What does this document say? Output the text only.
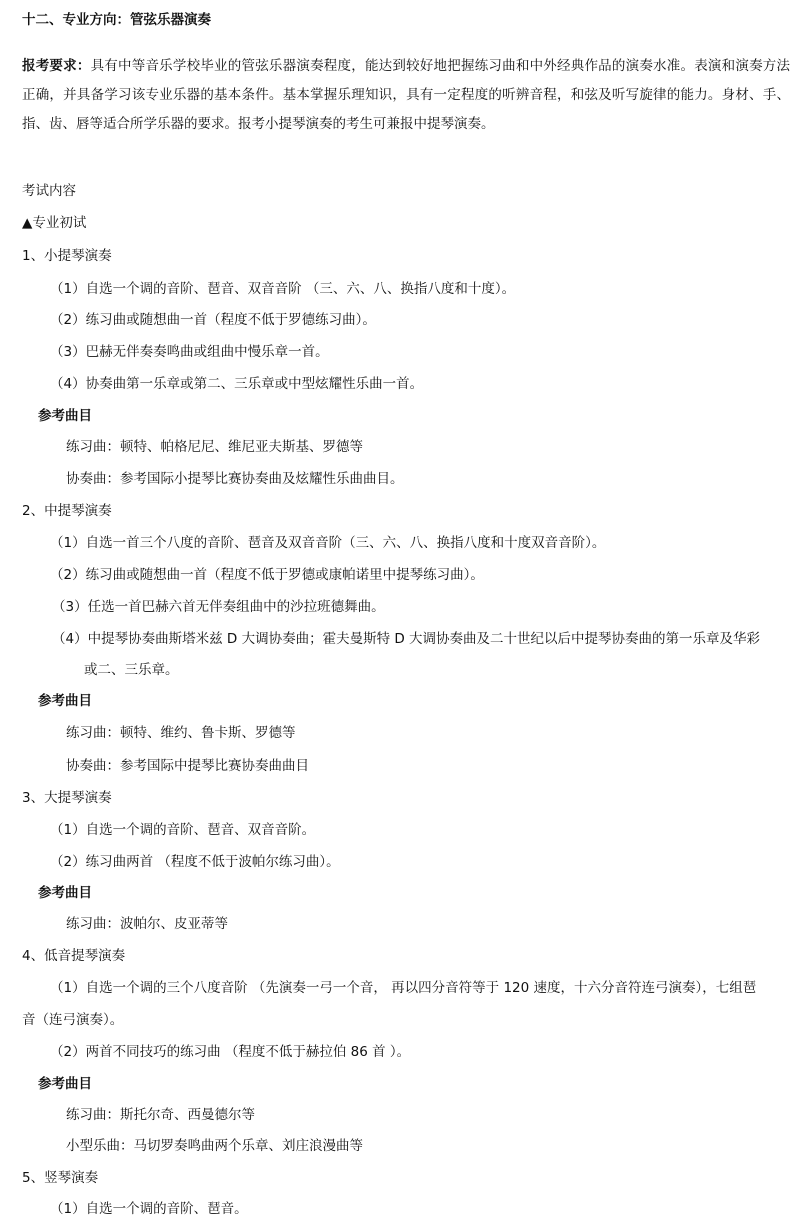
十二、专业方向：管弦乐器演奏
报考要求：具有中等音乐学校毕业的管弦乐器演奏程度，能达到较好地把握练习曲和中外经典作品的演奏水准。表演和演奏方法正确，并具备学习该专业乐器的基本条件。基本掌握乐理知识，具有一定程度的听辨音程，和弦及听写旋律的能力。身材、手、指、齿、唇等适合所学乐器的要求。报考小提琴演奏的考生可兼报中提琴演奏。
考试内容
▲专业初试
1、小提琴演奏
（1）自选一个调的音阶、琶音、双音音阶 （三、六、八、换指八度和十度）。
（2）练习曲或随想曲一首（程度不低于罗德练习曲）。
（3）巴赫无伴奏奏鸣曲或组曲中慢乐章一首。
（4）协奏曲第一乐章或第二、三乐章或中型炫耀性乐曲一首。
参考曲目
练习曲：顿特、帕格尼尼、维尼亚夫斯基、罗德等
协奏曲：参考国际小提琴比赛协奏曲及炫耀性乐曲曲目。
2、中提琴演奏
（1）自选一首三个八度的音阶、琶音及双音音阶（三、六、八、换指八度和十度双音音阶）。
（2）练习曲或随想曲一首（程度不低于罗德或康帕诺里中提琴练习曲）。
（3）任选一首巴赫六首无伴奏组曲中的沙拉班德舞曲。
（4）中提琴协奏曲斯塔米兹 D 大调协奏曲；霍夫曼斯特 D 大调协奏曲及二十世纪以后中提琴协奏曲的第一乐章及华彩
或二、三乐章。
参考曲目
练习曲：顿特、维约、鲁卡斯、罗德等
协奏曲：参考国际中提琴比赛协奏曲曲目
3、大提琴演奏
（1）自选一个调的音阶、琶音、双音音阶。
（2）练习曲两首 （程度不低于波帕尔练习曲）。
参考曲目
练习曲：波帕尔、皮亚蒂等
4、低音提琴演奏
（1）自选一个调的三个八度音阶 （先演奏一弓一个音， 再以四分音符等于 120 速度，十六分音符连弓演奏），七组琶
音（连弓演奏）。
（2）两首不同技巧的练习曲 （程度不低于赫拉伯 86 首 ）。
参考曲目
练习曲：斯托尔奇、西曼德尔等
小型乐曲：马切罗奏鸣曲两个乐章、刘庄浪漫曲等
5、竖琴演奏
（1）自选一个调的音阶、琶音。
